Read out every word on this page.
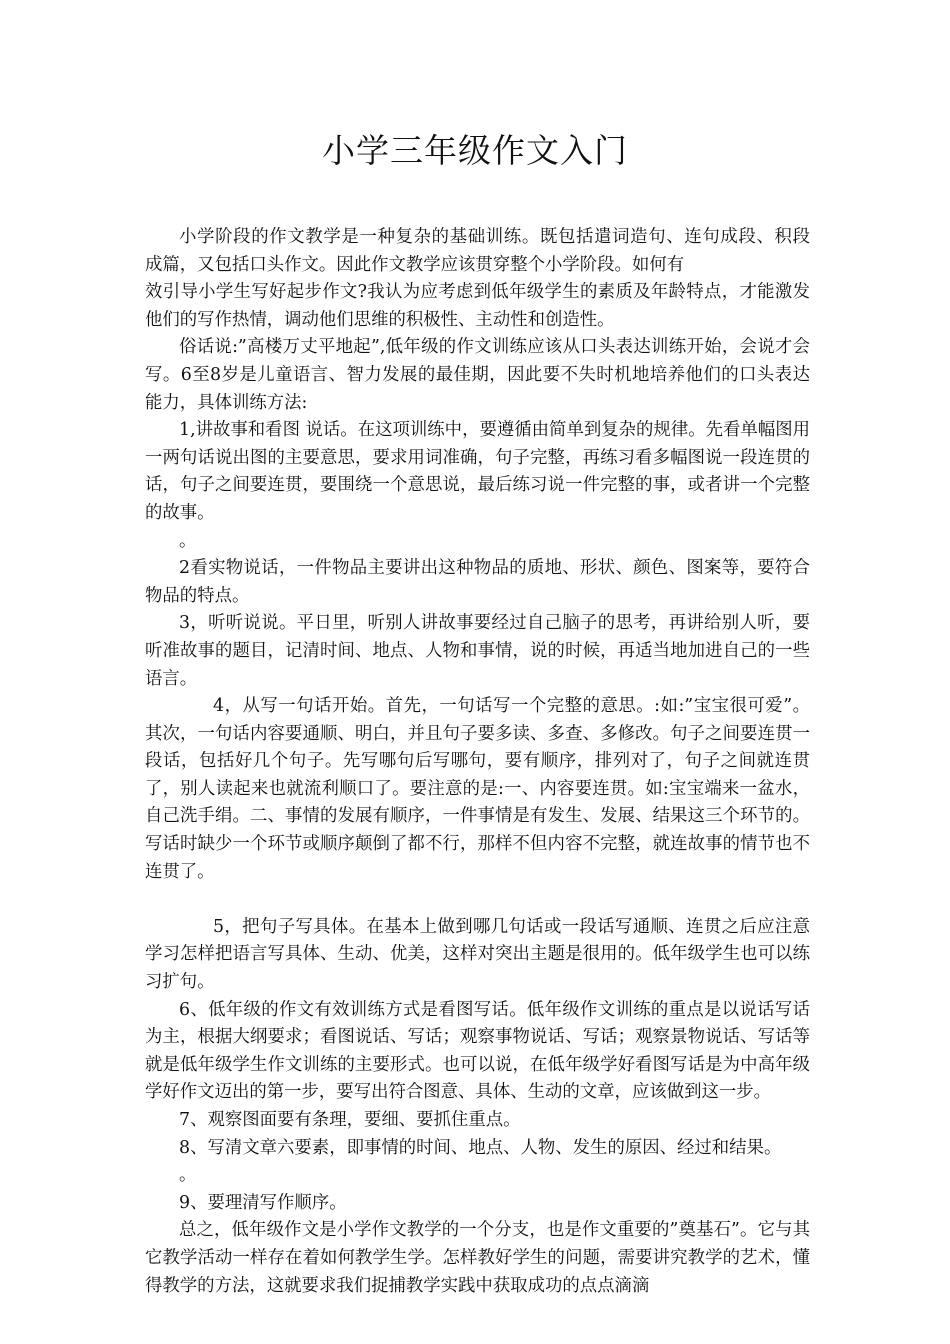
小学三年级作文入门

小学阶段的作文教学是一种复杂的基础训练。既包括遣词造句、连句成段、积段 成篇，又包括口头作文。因此作文教学应该贯穿整个小学阶段。如何有

效引导小学生写好起步作文?我认为应考虑到低年级学生的素质及年龄特点，才能激发他们的写作热情，调动他们思维的积极性、主动性和创造性。

俗话说:”高楼万丈平地起”,低年级的作文训练应该从口头表达训练开始，会说才会写。6至8岁是儿童语言、智力发展的最佳期，因此要不失时机地培养他们的口头表达能力，具体训练方法:

1,讲故事和看图 说话。在这项训练中，要遵循由简单到复杂的规律。先看单幅图用一两句话说出图的主要意思，要求用词准确，句子完整，再练习看多幅图说一段连贯的话，句子之间要连贯，要围绕一个意思说，最后练习说一件完整的事，或者讲一个完整的故事。

。

2看实物说话，一件物品主要讲出这种物品的质地、形状、颜色、图案等，要符合物品的特点。

3，听听说说。平日里，听别人讲故事要经过自己脑子的思考，再讲给别人听，要听准故事的题目，记清时间、地点、人物和事情，说的时候，再适当地加进自己的一些语言。

4，从写一句话开始。首先，一句话写一个完整的意思。:如:”宝宝很可爱”。其次，一句话内容要通顺、明白，并且句子要多读、多查、多修改。句子之间要连贯一段话，包括好几个句子。先写哪句后写哪句，要有顺序，排列对了，句子之间就连贯了，别人读起来也就流利顺口了。要注意的是:一、内容要连贯。如:宝宝端来一盆水，自己洗手绢。二、事情的发展有顺序，一件事情是有发生、发展、结果这三个环节的。写话时缺少一个环节或顺序颠倒了都不行，那样不但内容不完整，就连故事的情节也不连贯了。

5，把句子写具体。在基本上做到哪几句话或一段话写通顺、连贯之后应注意学习怎样把语言写具体、生动、优美，这样对突出主题是很用的。低年级学生也可以练习扩句。

6、低年级的作文有效训练方式是看图写话。低年级作文训练的重点是以说话写话为主，根据大纲要求；看图说话、写话；观察事物说话、写话；观察景物说话、写话等就是低年级学生作文训练的主要形式。也可以说，在低年级学好看图写话是为中高年级学好作文迈出的第一步，要写出符合图意、具体、生动的文章，应该做到这一步。

7、观察图面要有条理，要细、要抓住重点。

8、写清文章六要素，即事情的时间、地点、人物、发生的原因、经过和结果。

。

9、要理清写作顺序。

总之，低年级作文是小学作文教学的一个分支，也是作文重要的”奠基石”。它与其它教学活动一样存在着如何教学生学。怎样教好学生的问题，需要讲究教学的艺术，懂得教学的方法，这就要求我们捉捕教学实践中获取成功的点点滴滴
